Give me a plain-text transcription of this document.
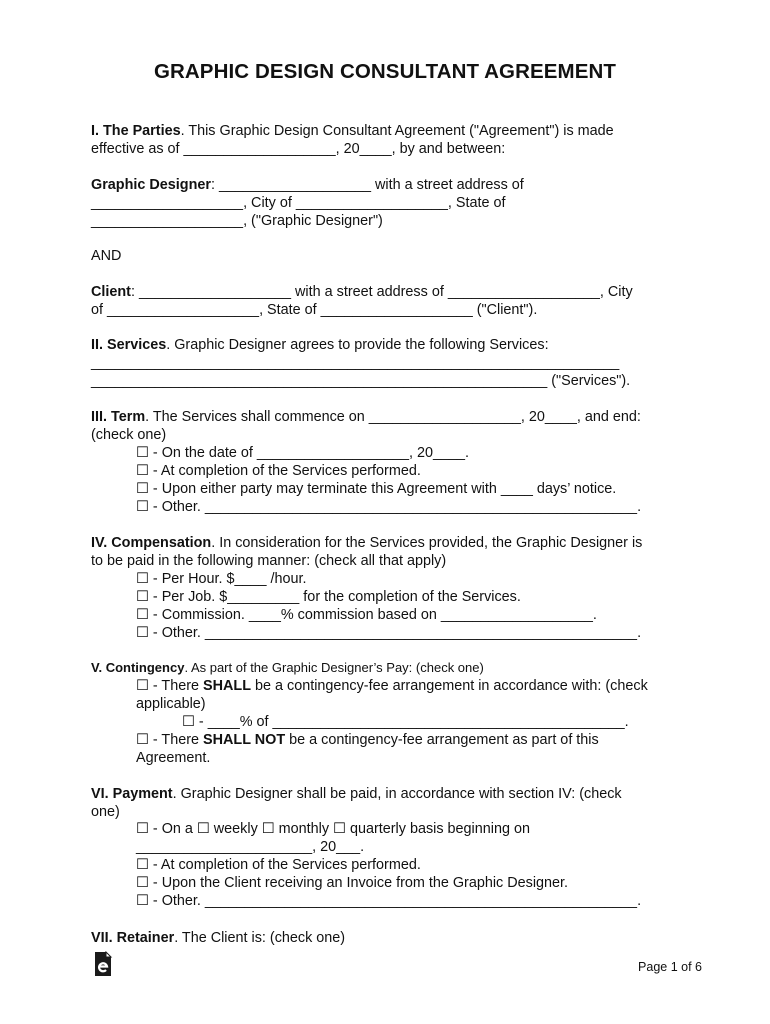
GRAPHIC DESIGN CONSULTANT AGREEMENT

I. The Parties. This Graphic Design Consultant Agreement ("Agreement") is made

effective as of ___________________, 20____, by and between:

Graphic Designer: ___________________ with a street address of

___________________, City of ___________________, State of

___________________, ("Graphic Designer")

AND

Client: ___________________ with a street address of ___________________, City

of ___________________, State of ___________________ ("Client").

II. Services. Graphic Designer agrees to provide the following Services:

__________________________________________________________________

_________________________________________________________ ("Services").

III. Term. The Services shall commence on ___________________, 20____, and end:

(check one)

☐ - On the date of ___________________, 20____.

☐ - At completion of the Services performed.

☐ - Upon either party may terminate this Agreement with ____ days’ notice.

☐ - Other. ______________________________________________________.

IV. Compensation. In consideration for the Services provided, the Graphic Designer is

to be paid in the following manner: (check all that apply)

☐ - Per Hour. $____ /hour.

☐ - Per Job. $_________ for the completion of the Services.

☐ - Commission. ____% commission based on ___________________.

☐ - Other. ______________________________________________________.

V. Contingency. As part of the Graphic Designer’s Pay: (check one)

☐ - There SHALL be a contingency-fee arrangement in accordance with: (check

applicable)

☐ - ____% of ____________________________________________.

☐ - There SHALL NOT be a contingency-fee arrangement as part of this

Agreement.

VI. Payment. Graphic Designer shall be paid, in accordance with section IV: (check

one)

☐ - On a ☐ weekly ☐ monthly ☐ quarterly basis beginning on

______________________, 20___.

☐ - At completion of the Services performed.

☐ - Upon the Client receiving an Invoice from the Graphic Designer.

☐ - Other. ______________________________________________________.

VII. Retainer. The Client is: (check one)

Page 1 of 6
